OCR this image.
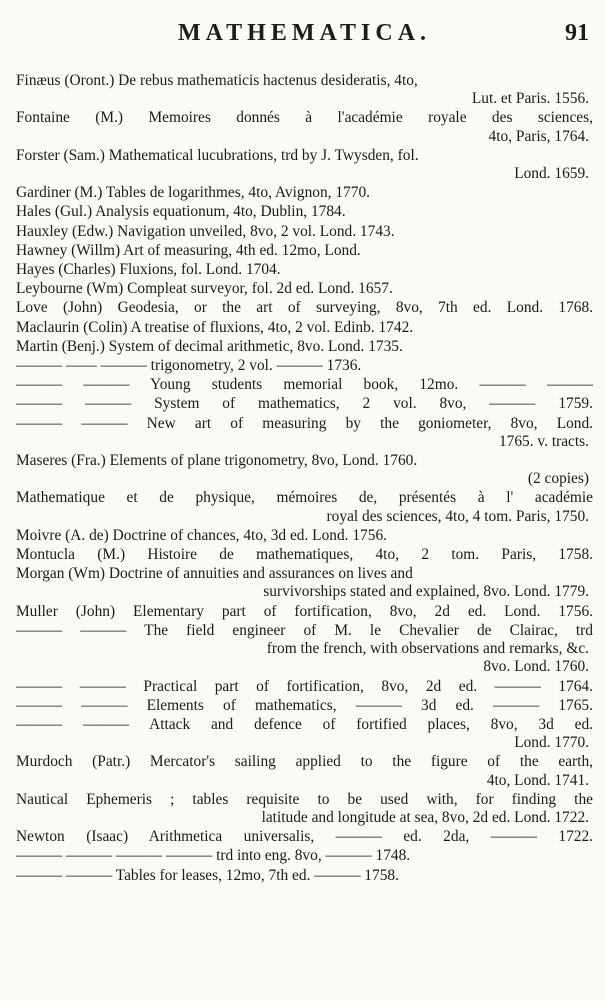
MATHEMATICA.	91
Finæus (Oront.) De rebus mathematicis hactenus desideratis, 4to,
Lut. et Paris. 1556.
Fontaine (M.) Memoires donnés à l'académie royale des sciences,
4to, Paris, 1764.
Forster (Sam.) Mathematical lucubrations, trd by J. Twysden, fol.
Lond. 1659.
Gardiner (M.) Tables de logarithmes, 4to, Avignon, 1770.
Hales (Gul.) Analysis equationum, 4to, Dublin, 1784.
Hauxley (Edw.) Navigation unveiled, 8vo, 2 vol. Lond. 1743.
Hawney (Willm) Art of measuring, 4th ed. 12mo, Lond.
Hayes (Charles) Fluxions, fol. Lond. 1704.
Leybourne (Wm) Compleat surveyor, fol. 2d ed. Lond. 1657.
Love (John) Geodesia, or the art of surveying, 8vo, 7th ed. Lond. 1768.
Maclaurin (Colin) A treatise of fluxions, 4to, 2 vol. Edinb. 1742.
Martin (Benj.) System of decimal arithmetic, 8vo. Lond. 1735.
——— —— ——— trigonometry, 2 vol. ——— 1736.
——— ——— Young students memorial book, 12mo. ——— ———
——— ——— System of mathematics, 2 vol. 8vo, ——— 1759.
——— ——— New art of measuring by the goniometer, 8vo, Lond.
1765. v. tracts.
Maseres (Fra.) Elements of plane trigonometry, 8vo, Lond. 1760.
(2 copies)
Mathematique et de physique, mémoires de, présentés à l' académie
royal des sciences, 4to, 4 tom. Paris, 1750.
Moivre (A. de) Doctrine of chances, 4to, 3d ed. Lond. 1756.
Montucla (M.) Histoire de mathematiques, 4to, 2 tom. Paris, 1758.
Morgan (Wm) Doctrine of annuities and assurances on lives and
survivorships stated and explained, 8vo. Lond. 1779.
Muller (John) Elementary part of fortification, 8vo, 2d ed. Lond. 1756.
——— ——— The field engineer of M. le Chevalier de Clairac, trd
from the french, with observations and remarks, &c.
8vo. Lond. 1760.
——— ——— Practical part of fortification, 8vo, 2d ed. ——— 1764.
——— ——— Elements of mathematics, ——— 3d ed. ——— 1765.
——— ——— Attack and defence of fortified places, 8vo, 3d ed.
Lond. 1770.
Murdoch (Patr.) Mercator's sailing applied to the figure of the earth,
4to, Lond. 1741.
Nautical Ephemeris ; tables requisite to be used with, for finding the
latitude and longitude at sea, 8vo, 2d ed. Lond. 1722.
Newton (Isaac) Arithmetica universalis, ——— ed. 2da, ——— 1722.
——— ——— ——— ——— trd into eng. 8vo, ——— 1748.
——— ——— Tables for leases, 12mo, 7th ed. ——— 1758.
